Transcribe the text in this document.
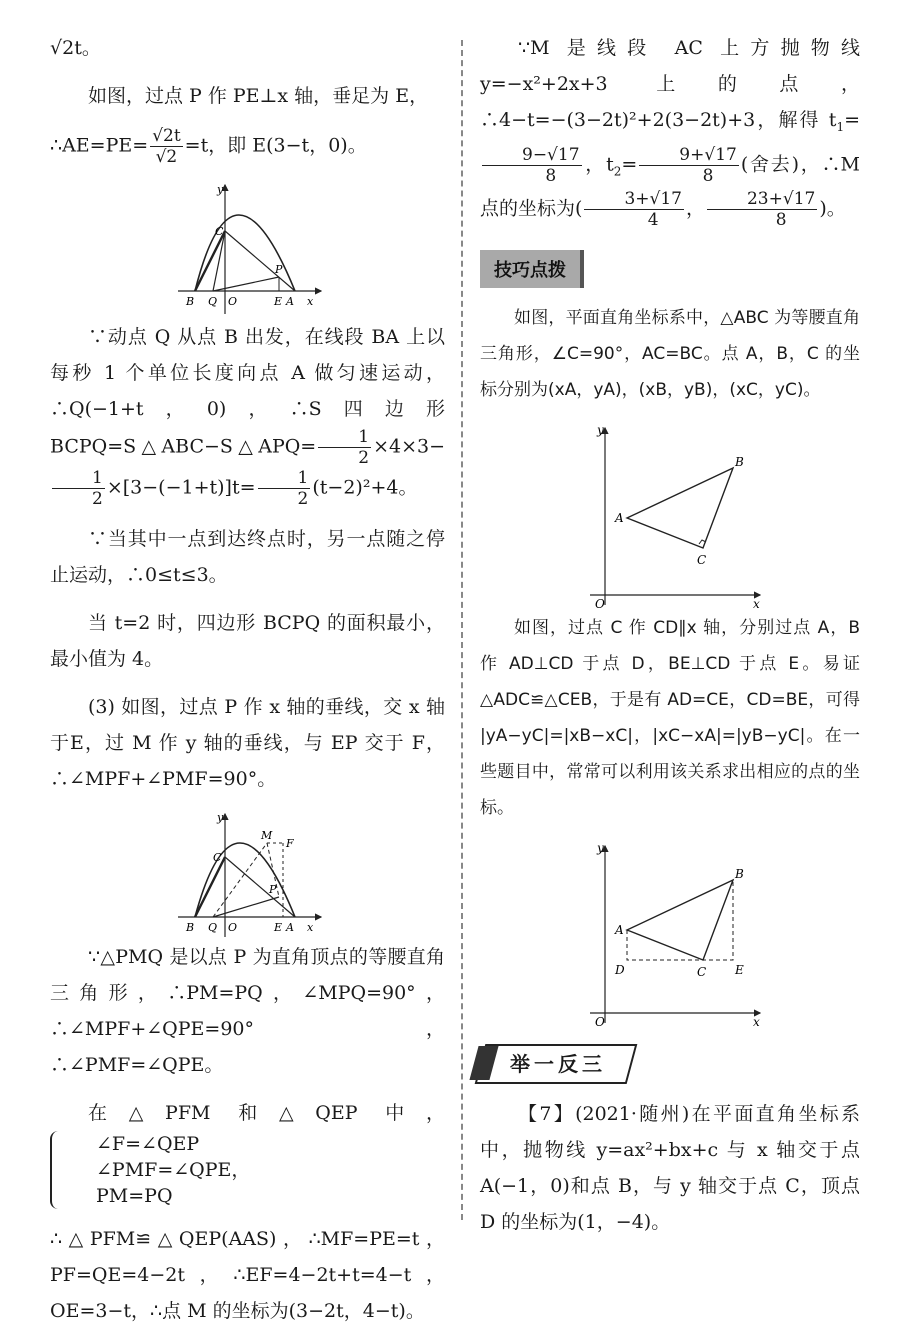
√2t。

如图，过点 P 作 PE⊥x 轴，垂足为 E，

∴AE=PE= $\frac{√2t}{√2} =t$，即 E(3−t，0)。

y
C
P
B Q O	E A x

∵动点 Q 从点 B 出发，在线段 BA 上以每秒 1 个单位长度向点 A 做匀速运动，∴Q(−1+t，0)，∴S四边形BCPQ=S△ABC−S△APQ= $\frac{1}{2} \times 4\times 3-$
$\frac{1}{2} \times[3-(-1+t)]t= \frac{1}{2} (t-2)^2+4$。

∵当其中一点到达终点时，另一点随之停止运动，∴0≤t≤3。

当 t=2 时，四边形 BCPQ 的面积最小，最小值为 4。

(3) 如图，过点 P 作 x 轴的垂线，交 x 轴于E，过 M 作 y 轴的垂线，与 EP 交于 F，∴∠MPF+∠PMF=90°。

y
M
F
C
P
B Q O	E A x

∵△PMQ 是以点 P 为直角顶点的等腰直角三角形，∴PM=PQ，∠MPQ=90°，∴∠MPF+∠QPE=90°，∴∠PMF=∠QPE。

在△PFM 和△QEP 中，
∠F=∠QEP
∠PMF=∠QPE，
PM=PQ

∴△PFM≌△QEP(AAS)，∴MF=PE=t，PF=QE=4−2t，∴EF=4−2t+t=4−t，OE=3−t，∴点 M 的坐标为(3−2t，4−t)。

∵M 是线段 AC 上方抛物线 y=−x²+2x+3 上的点，∴4−t=−(3−2t)²+2(3−2t)+3，解得 $t_1=$
$\frac{9-√17}{8}$ ，$t_2= \frac{9+√17}{8}$ (舍去)，∴M 点的坐标为( $\frac{3+√17}{4}$ ， $\frac{23+√17}{8}$ )。

技巧点拨

如图，平面直角坐标系中，△ABC 为等腰直角三角形，∠C=90°，AC=BC。点 A，B，C 的坐标分别为(xA，yA)，(xB，yB)，(xC，yC)。

y
A
B
C
O	x

如图，过点 C 作 CD∥x 轴，分别过点 A，B 作 AD⊥CD 于点 D，BE⊥CD 于点 E。易证△ADC≌△CEB，于是有 AD=CE，CD=BE，可得 |yA−yC|=|xB−xC|，|xC−xA|=|yB−yC|。在一些题目中，常常可以利用该关系求出相应的点的坐标。

y
A
B
C
D	E
O	x
举一反三

【7】(2021·随州)在平面直角坐标系中，抛物线 y=ax²+bx+c 与 x 轴交于点 A(−1，0)和点 B，与 y 轴交于点 C，顶点 D 的坐标为(1，−4)。
